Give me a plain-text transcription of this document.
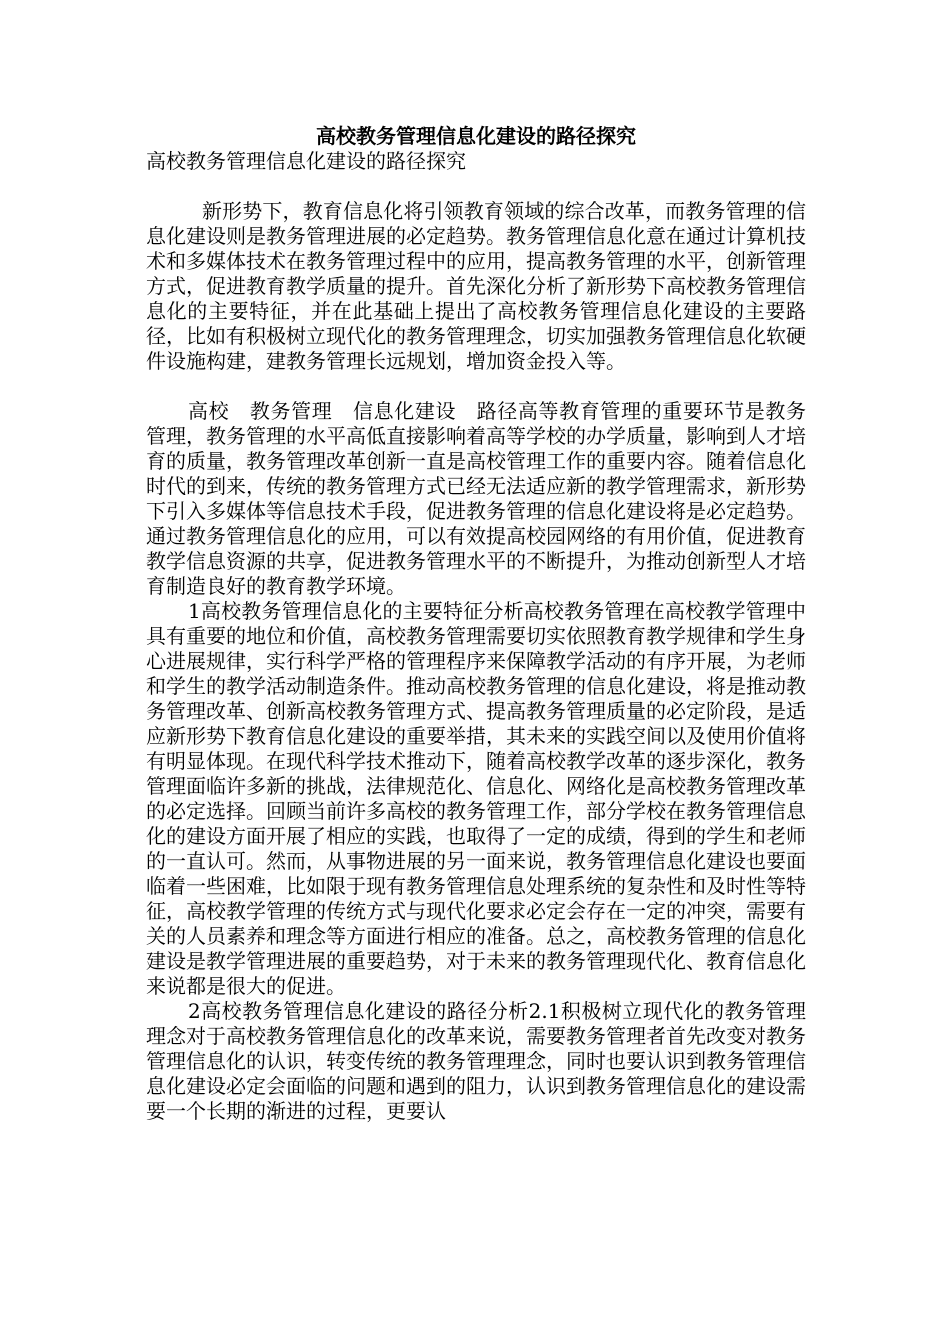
高校教务管理信息化建设的路径探究
高校教务管理信息化建设的路径探究

新形势下，教育信息化将引领教育领域的综合改革，而教务管理的信息化建设则是教务管理进展的必定趋势。教务管理信息化意在通过计算机技术和多媒体技术在教务管理过程中的应用，提高教务管理的水平，创新管理方式，促进教育教学质量的提升。首先深化分析了新形势下高校教务管理信息化的主要特征，并在此基础上提出了高校教务管理信息化建设的主要路径，比如有积极树立现代化的教务管理理念，切实加强教务管理信息化软硬件设施构建，建教务管理长远规划，增加资金投入等。

高校　教务管理　信息化建设　路径高等教育管理的重要环节是教务管理，教务管理的水平高低直接影响着高等学校的办学质量，影响到人才培育的质量，教务管理改革创新一直是高校管理工作的重要内容。随着信息化时代的到来，传统的教务管理方式已经无法适应新的教学管理需求，新形势下引入多媒体等信息技术手段，促进教务管理的信息化建设将是必定趋势。通过教务管理信息化的应用，可以有效提高校园网络的有用价值，促进教育教学信息资源的共享，促进教务管理水平的不断提升，为推动创新型人才培育制造良好的教育教学环境。

1高校教务管理信息化的主要特征分析高校教务管理在高校教学管理中具有重要的地位和价值，高校教务管理需要切实依照教育教学规律和学生身心进展规律，实行科学严格的管理程序来保障教学活动的有序开展，为老师和学生的教学活动制造条件。推动高校教务管理的信息化建设，将是推动教务管理改革、创新高校教务管理方式、提高教务管理质量的必定阶段，是适应新形势下教育信息化建设的重要举措，其未来的实践空间以及使用价值将有明显体现。在现代科学技术推动下，随着高校教学改革的逐步深化，教务管理面临许多新的挑战，法律规范化、信息化、网络化是高校教务管理改革的必定选择。回顾当前许多高校的教务管理工作，部分学校在教务管理信息化的建设方面开展了相应的实践，也取得了一定的成绩，得到的学生和老师的一直认可。然而，从事物进展的另一面来说，教务管理信息化建设也要面临着一些困难，比如限于现有教务管理信息处理系统的复杂性和及时性等特征，高校教学管理的传统方式与现代化要求必定会存在一定的冲突，需要有关的人员素养和理念等方面进行相应的准备。总之，高校教务管理的信息化建设是教学管理进展的重要趋势，对于未来的教务管理现代化、教育信息化来说都是很大的促进。

2高校教务管理信息化建设的路径分析2.1积极树立现代化的教务管理理念对于高校教务管理信息化的改革来说，需要教务管理者首先改变对教务管理信息化的认识，转变传统的教务管理理念，同时也要认识到教务管理信息化建设必定会面临的问题和遇到的阻力，认识到教务管理信息化的建设需要一个长期的渐进的过程，更要认
